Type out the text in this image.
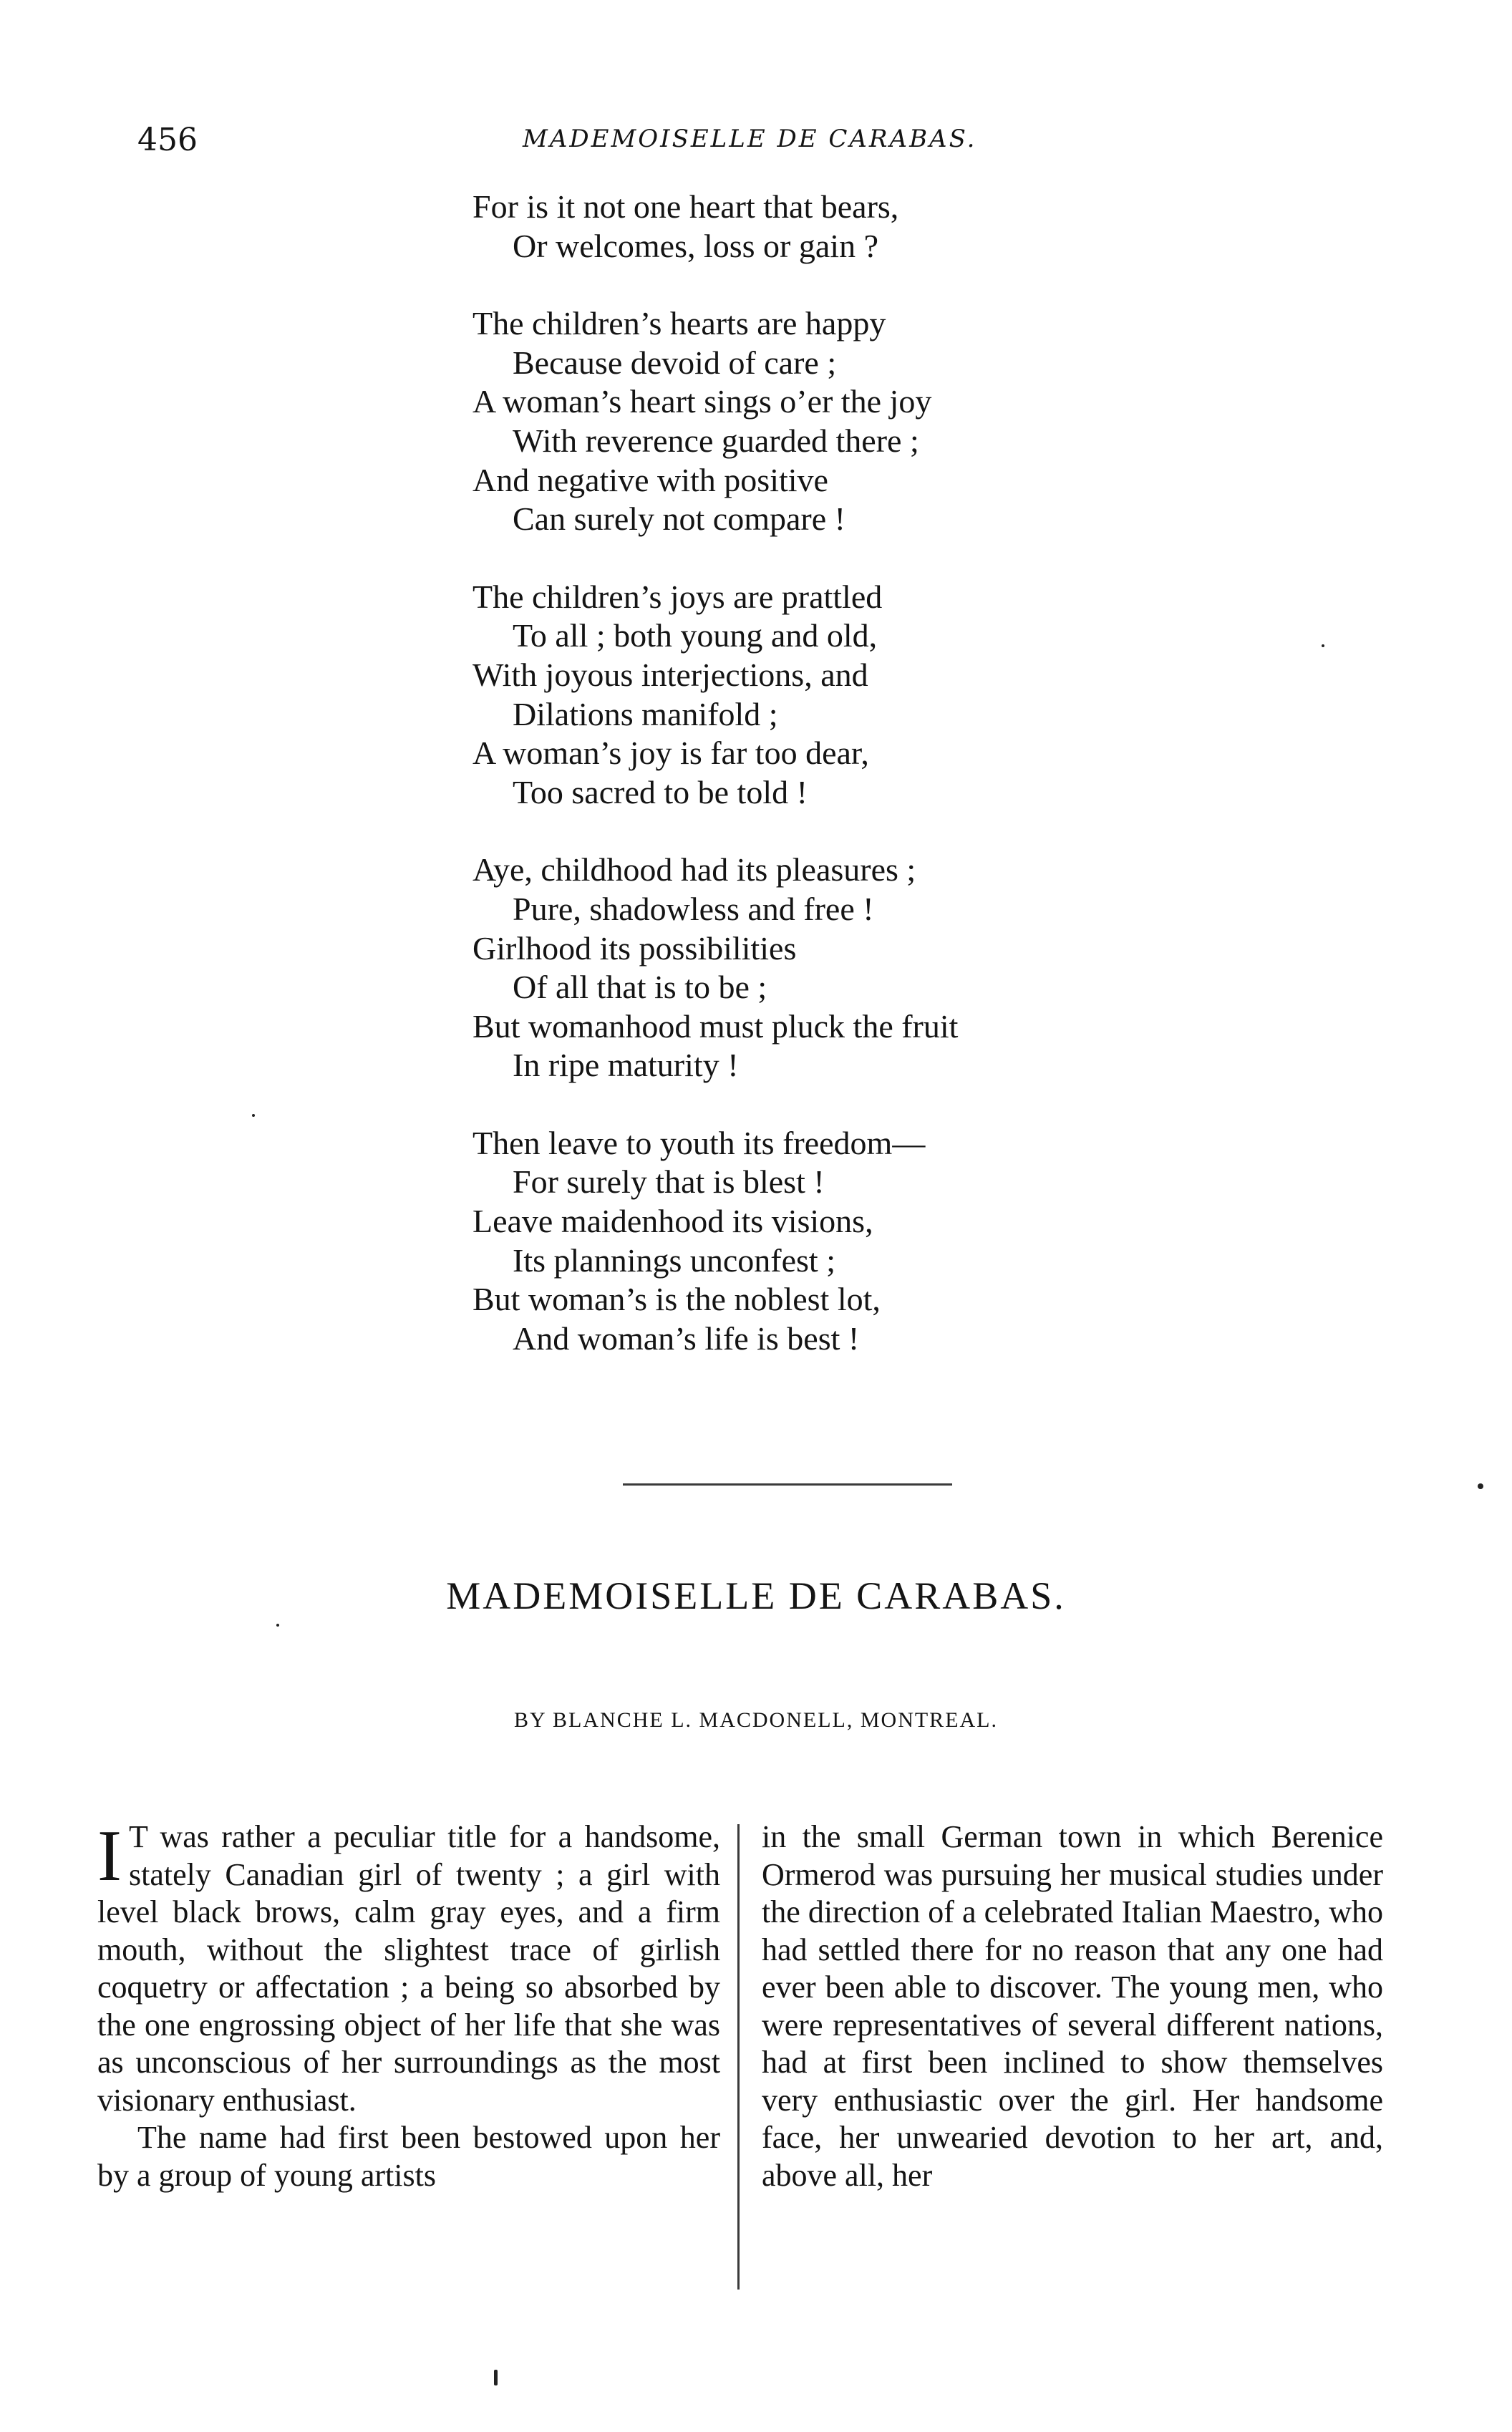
456	MADEMOISELLE DE CARABAS.
For is it not one heart that bears,
Or welcomes, loss or gain ?
The children’s hearts are happy
Because devoid of care ;
A woman’s heart sings o’er the joy
With reverence guarded there ;
And negative with positive
Can surely not compare !
The children’s joys are prattled
To all ; both young and old,
With joyous interjections, and
Dilations manifold ;
A woman’s joy is far too dear,
Too sacred to be told !
Aye, childhood had its pleasures ;
Pure, shadowless and free !
Girlhood its possibilities
Of all that is to be ;
But womanhood must pluck the fruit
In ripe maturity !
Then leave to youth its freedom—
For surely that is blest !
Leave maidenhood its visions,
Its plannings unconfest ;
But woman’s is the noblest lot,
And woman’s life is best !
MADEMOISELLE DE CARABAS.
BY BLANCHE L. MACDONELL, MONTREAL.

I T was rather a peculiar title for a handsome, stately Canadian girl of twenty ; a girl with level black brows, calm gray eyes, and a firm mouth, without the slightest trace of girlish coquetry or affectation ; a being so absorbed by the one engrossing object of her life that she was as unconscious of her surroundings as the most visionary enthusiast.

The name had first been bestowed upon her by a group of young artists

in the small German town in which Berenice Ormerod was pursuing her musical studies under the direction of a celebrated Italian Maestro, who had settled there for no reason that any one had ever been able to discover. The young men, who were representatives of several different nations, had at first been inclined to show themselves very enthusiastic over the girl. Her handsome face, her unwearied devotion to her art, and, above all, her
